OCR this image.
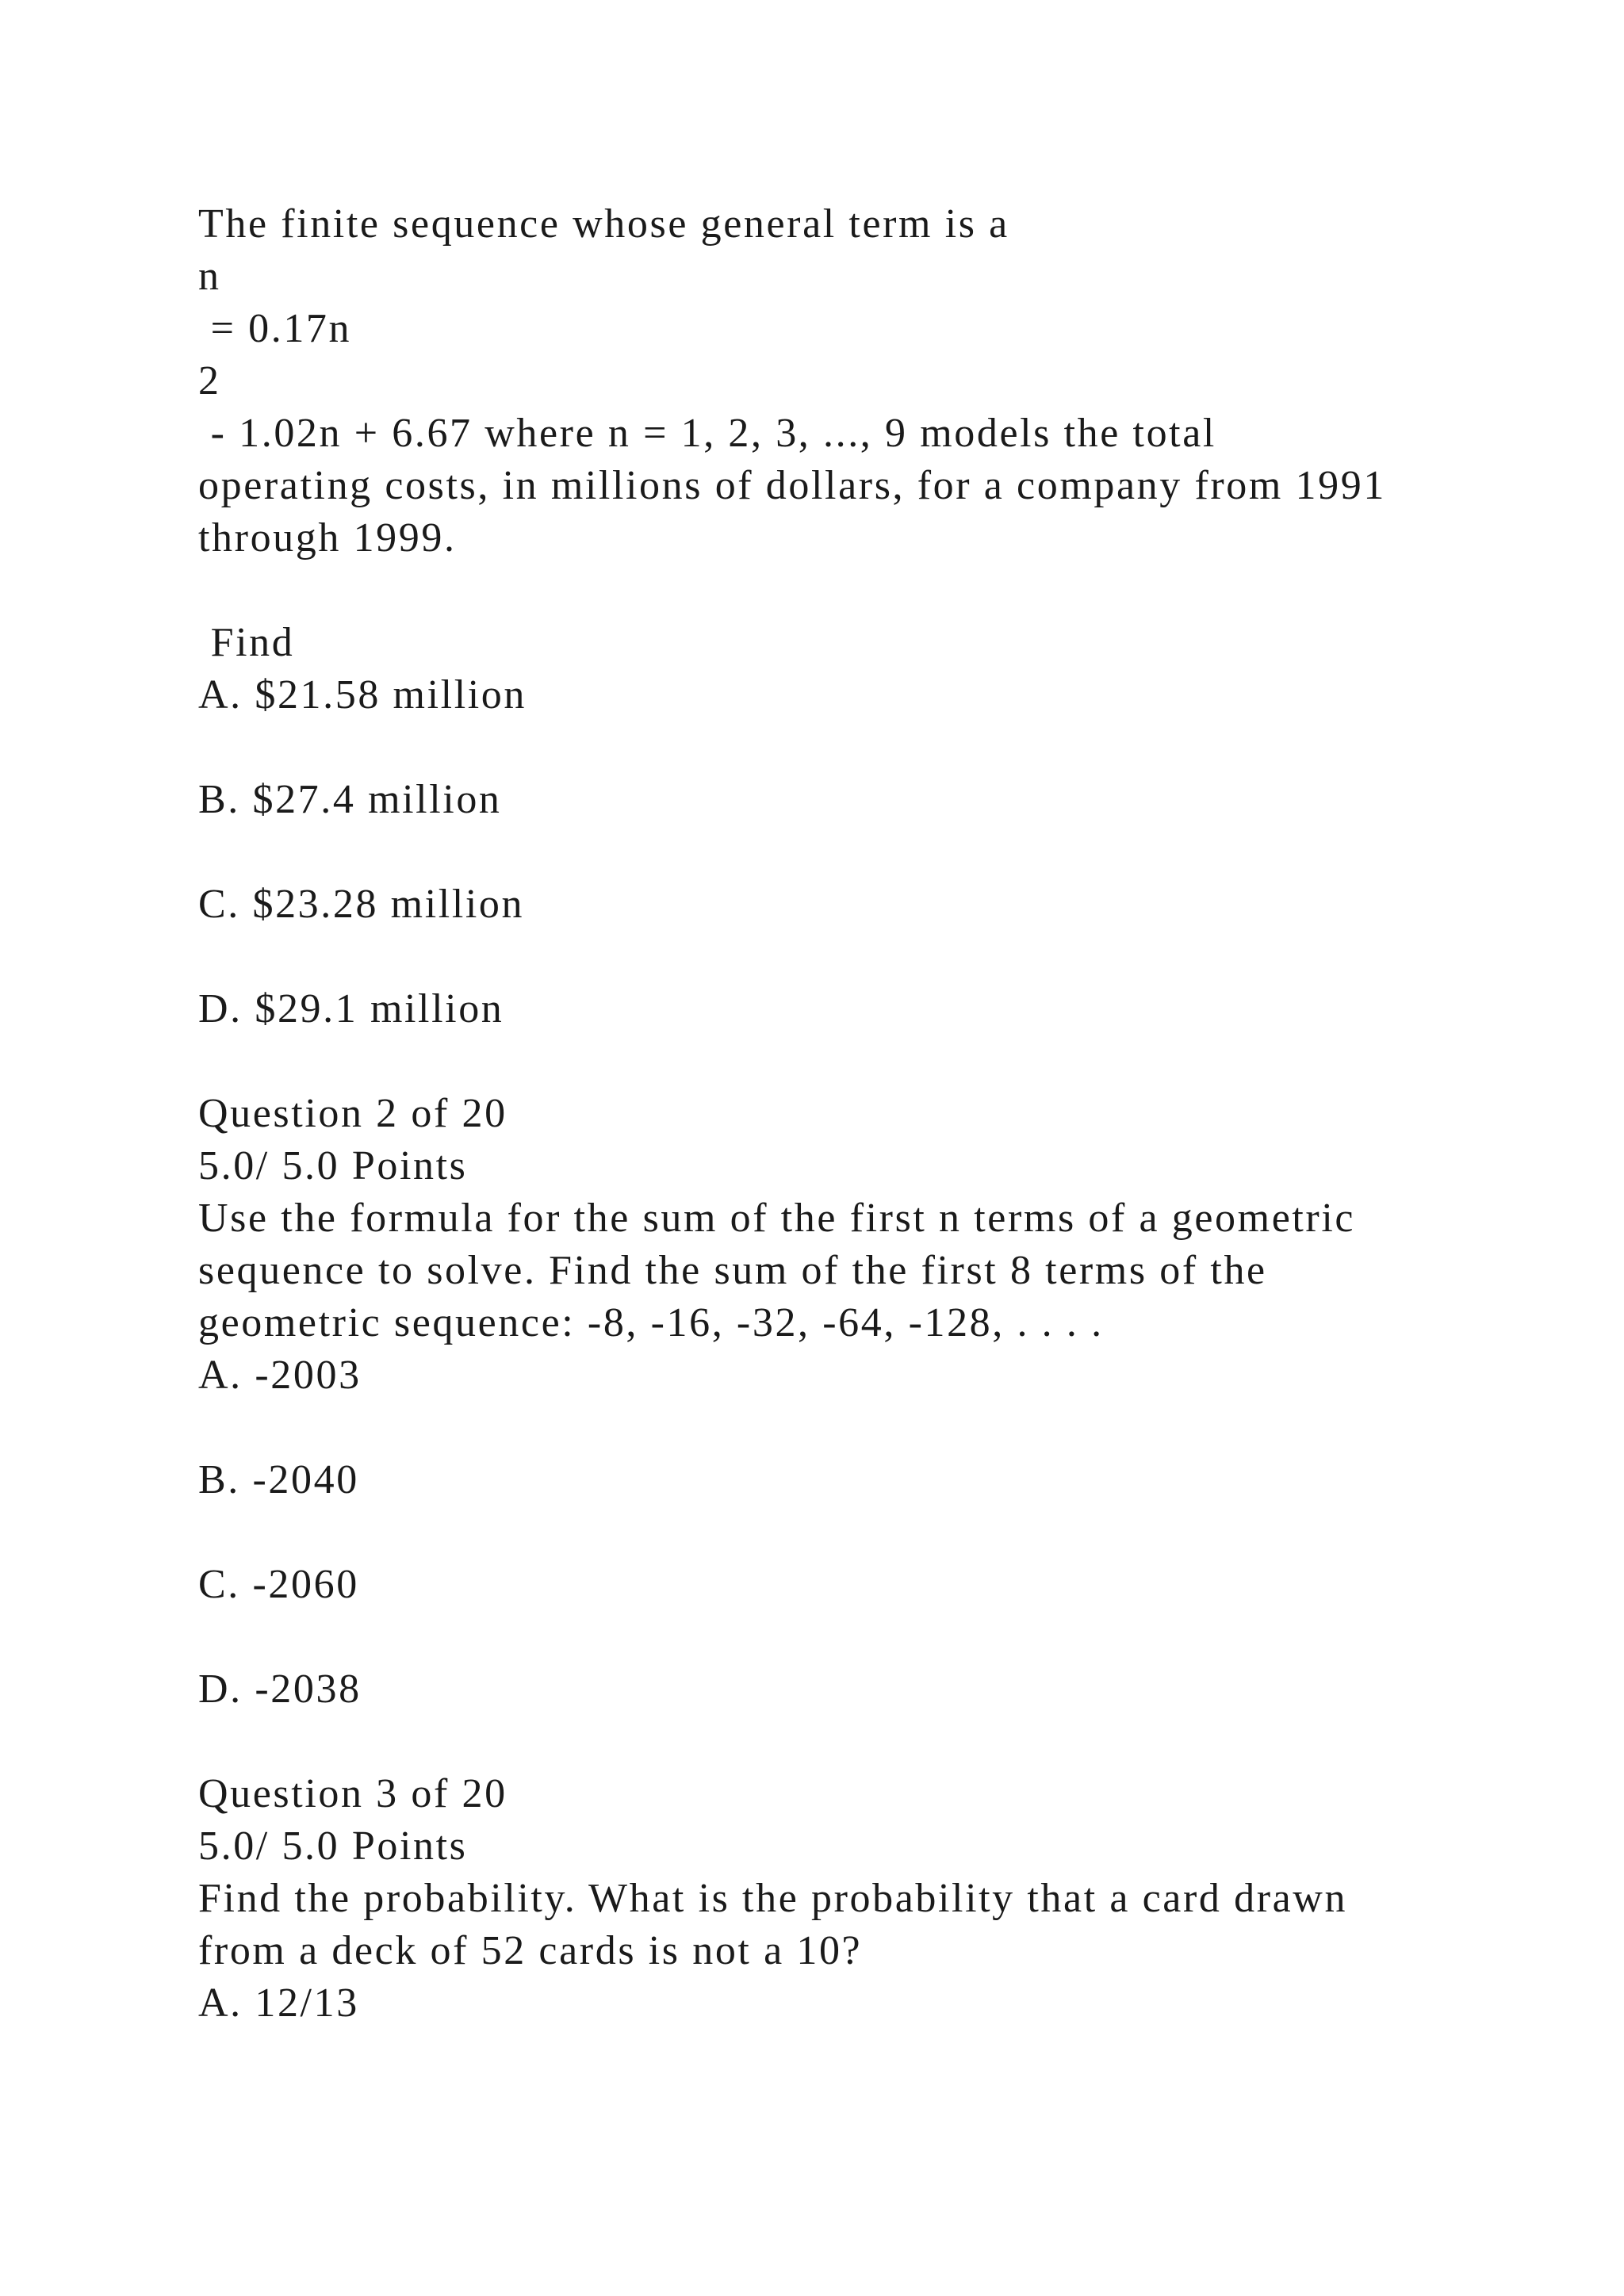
The finite sequence whose general term is a

n

= 0.17n

2

- 1.02n + 6.67 where n = 1, 2, 3, ..., 9 models the total

operating costs, in millions of dollars, for a company from 1991

through 1999.

Find

A. $21.58 million

B. $27.4 million

C. $23.28 million

D. $29.1 million

Question 2 of 20

5.0/ 5.0 Points

Use the formula for the sum of the first n terms of a geometric

sequence to solve. Find the sum of the first 8 terms of the

geometric sequence: -8, -16, -32, -64, -128, . . . .

A. -2003

B. -2040

C. -2060

D. -2038

Question 3 of 20

5.0/ 5.0 Points

Find the probability. What is the probability that a card drawn

from a deck of 52 cards is not a 10?

A. 12/13
